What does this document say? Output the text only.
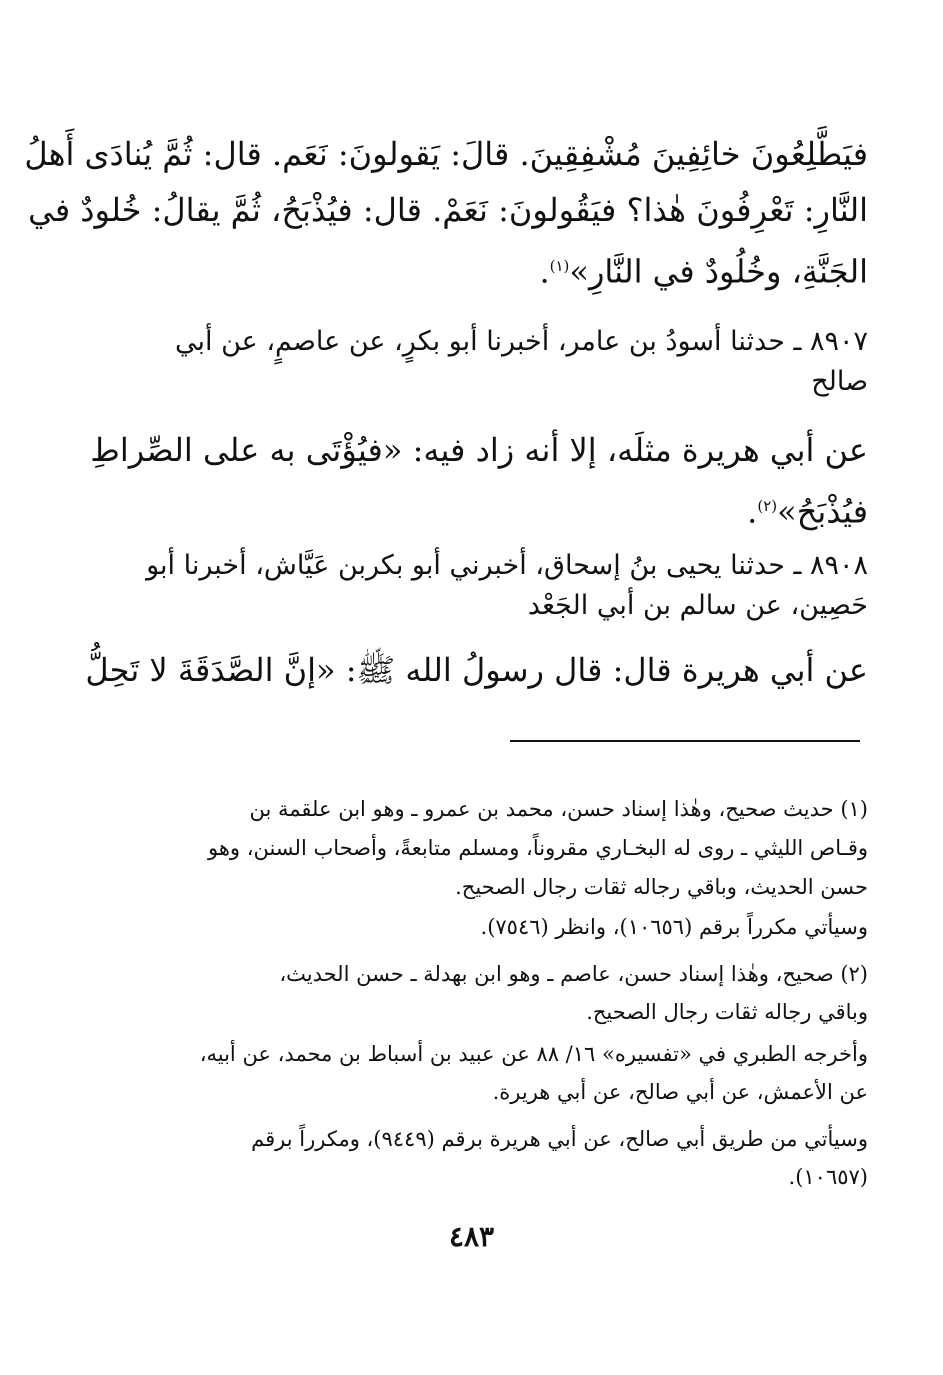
فيَطَّلِعُونَ خائِفِينَ مُشْفِقِينَ. قالَ: يَقولونَ: نَعَم. قال: ثُمَّ يُنادَى أَهلُ
النَّارِ: تَعْرِفُونَ هٰذا؟ فيَقُولونَ: نَعَمْ. قال: فيُذْبَحُ، ثُمَّ يقالُ: خُلودٌ في
الجَنَّةِ، وخُلُودٌ في النَّارِ»$^{(١)}$.
٨٩٠٧ ـ حدثنا أسودُ بن عامر، أخبرنا أبو بكرٍ، عن عاصمٍ، عن أبي
صالح
عن أبي هريرة مثلَه، إلا أنه زاد فيه: «فيُؤْتَى به على الصِّراطِ
فيُذْبَحُ»$^{(٢)}$.
٨٩٠٨ ـ حدثنا يحيى بنُ إسحاق، أخبرني أبو بكربن عَيَّاش، أخبرنا أبو
حَصِين، عن سالم بن أبي الجَعْد
عن أبي هريرة قال: قال رسولُ الله ﷺ: «إنَّ الصَّدَقَةَ لا تَحِلُّ
(١) حديث صحيح، وهٰذا إسناد حسن، محمد بن عمرو ـ وهو ابن علقمة بن
وقـاص الليثي ـ روى له البخـاري مقروناً، ومسلم متابعةً، وأصحاب السنن، وهو
حسن الحديث، وباقي رجاله ثقات رجال الصحيح.
وسيأتي مكرراً برقم (١٠٦٥٦)، وانظر (٧٥٤٦).
(٢) صحيح، وهٰذا إسناد حسن، عاصم ـ وهو ابن بهدلة ـ حسن الحديث،
وباقي رجاله ثقات رجال الصحيح.
وأخرجه الطبري في «تفسيره» ١٦/ ٨٨ عن عبيد بن أسباط بن محمد، عن أبيه،
عن الأعمش، عن أبي صالح، عن أبي هريرة.
وسيأتي من طريق أبي صالح، عن أبي هريرة برقم (٩٤٤٩)، ومكرراً برقم
(١٠٦٥٧).
٤٨٣
